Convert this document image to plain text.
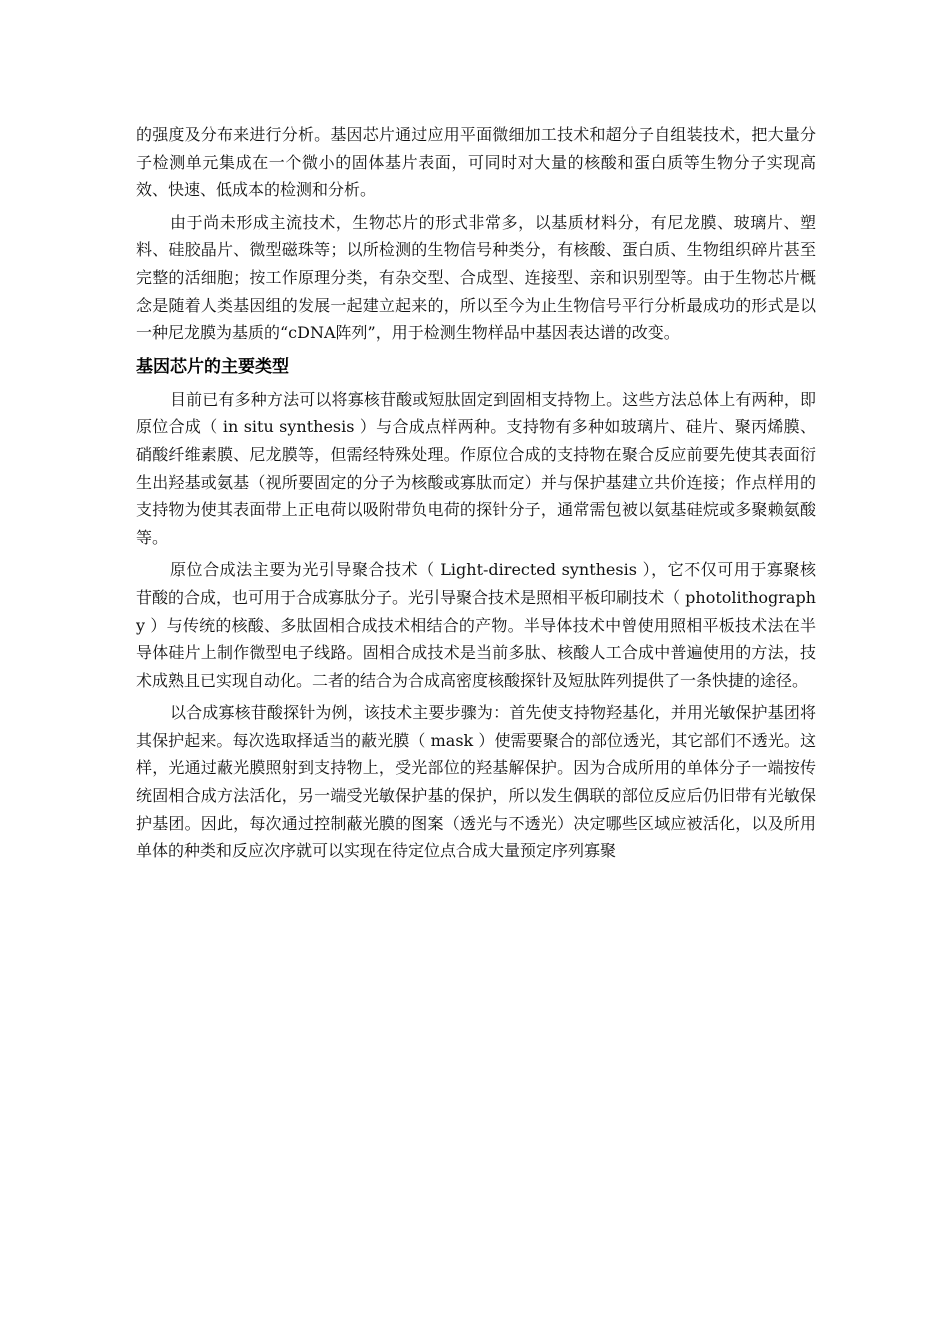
的强度及分布来进行分析。基因芯片通过应用平面微细加工技术和超分子自组装技术，把大量分子检测单元集成在一个微小的固体基片表面，可同时对大量的核酸和蛋白质等生物分子实现高效、快速、低成本的检测和分析。

由于尚未形成主流技术，生物芯片的形式非常多，以基质材料分，有尼龙膜、玻璃片、塑料、硅胶晶片、微型磁珠等；以所检测的生物信号种类分，有核酸、蛋白质、生物组织碎片甚至完整的活细胞；按工作原理分类，有杂交型、合成型、连接型、亲和识别型等。由于生物芯片概念是随着人类基因组的发展一起建立起来的，所以至今为止生物信号平行分析最成功的形式是以一种尼龙膜为基质的“cDNA阵列”，用于检测生物样品中基因表达谱的改变。

基因芯片的主要类型

目前已有多种方法可以将寡核苷酸或短肽固定到固相支持物上。这些方法总体上有两种，即原位合成（ in situ synthesis ）与合成点样两种。支持物有多种如玻璃片、硅片、聚丙烯膜、硝酸纤维素膜、尼龙膜等，但需经特殊处理。作原位合成的支持物在聚合反应前要先使其表面衍生出羟基或氨基（视所要固定的分子为核酸或寡肽而定）并与保护基建立共价连接；作点样用的支持物为使其表面带上正电荷以吸附带负电荷的探针分子，通常需包被以氨基硅烷或多聚赖氨酸等。

原位合成法主要为光引导聚合技术（ Light-directed synthesis ），它不仅可用于寡聚核苷酸的合成，也可用于合成寡肽分子。光引导聚合技术是照相平板印刷技术（ photolithography ）与传统的核酸、多肽固相合成技术相结合的产物。半导体技术中曾使用照相平板技术法在半导体硅片上制作微型电子线路。固相合成技术是当前多肽、核酸人工合成中普遍使用的方法，技术成熟且已实现自动化。二者的结合为合成高密度核酸探针及短肽阵列提供了一条快捷的途径。

以合成寡核苷酸探针为例，该技术主要步骤为：首先使支持物羟基化，并用光敏保护基团将其保护起来。每次选取择适当的蔽光膜（ mask ）使需要聚合的部位透光，其它部们不透光。这样，光通过蔽光膜照射到支持物上，受光部位的羟基解保护。因为合成所用的单体分子一端按传统固相合成方法活化，另一端受光敏保护基的保护，所以发生偶联的部位反应后仍旧带有光敏保护基团。因此，每次通过控制蔽光膜的图案（透光与不透光）决定哪些区域应被活化，以及所用单体的种类和反应次序就可以实现在待定位点合成大量预定序列寡聚
